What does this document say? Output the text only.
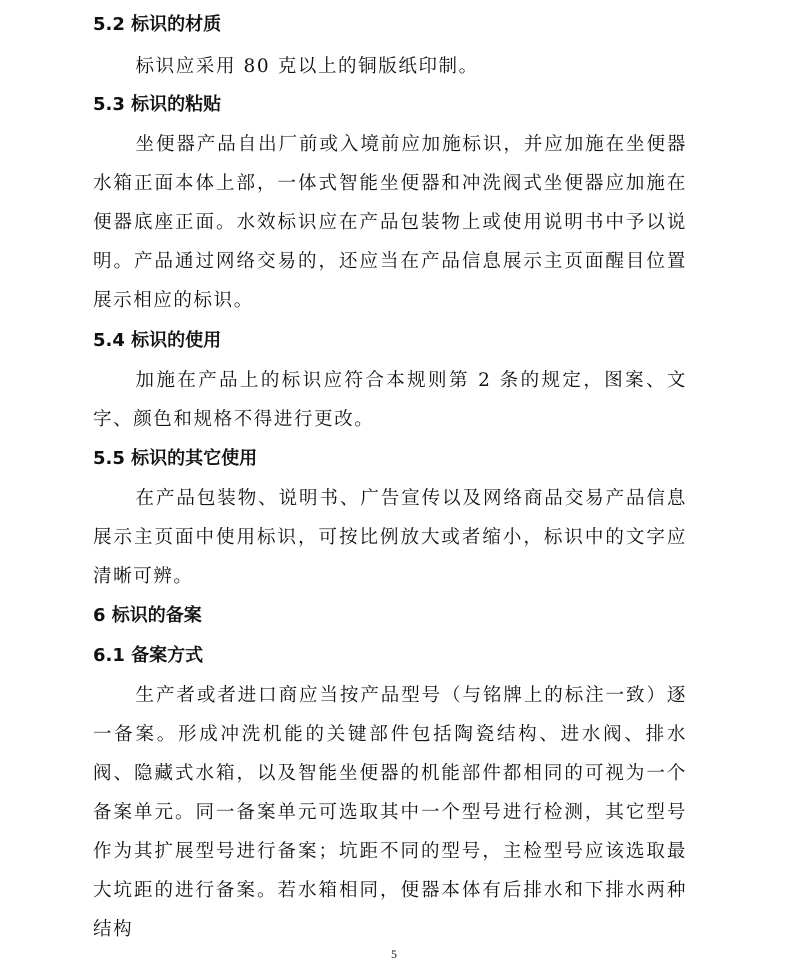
5.2 标识的材质
标识应采用 80 克以上的铜版纸印制。
5.3 标识的粘贴
坐便器产品自出厂前或入境前应加施标识，并应加施在坐便器水箱正面本体上部，一体式智能坐便器和冲洗阀式坐便器应加施在便器底座正面。水效标识应在产品包装物上或使用说明书中予以说明。产品通过网络交易的，还应当在产品信息展示主页面醒目位置展示相应的标识。
5.4 标识的使用
加施在产品上的标识应符合本规则第 2 条的规定，图案、文字、颜色和规格不得进行更改。
5.5 标识的其它使用
在产品包装物、说明书、广告宣传以及网络商品交易产品信息展示主页面中使用标识，可按比例放大或者缩小，标识中的文字应清晰可辨。
6 标识的备案
6.1 备案方式
生产者或者进口商应当按产品型号（与铭牌上的标注一致）逐一备案。形成冲洗机能的关键部件包括陶瓷结构、进水阀、排水阀、隐藏式水箱，以及智能坐便器的机能部件都相同的可视为一个备案单元。同一备案单元可选取其中一个型号进行检测，其它型号作为其扩展型号进行备案；坑距不同的型号，主检型号应该选取最大坑距的进行备案。若水箱相同，便器本体有后排水和下排水两种结构
5
